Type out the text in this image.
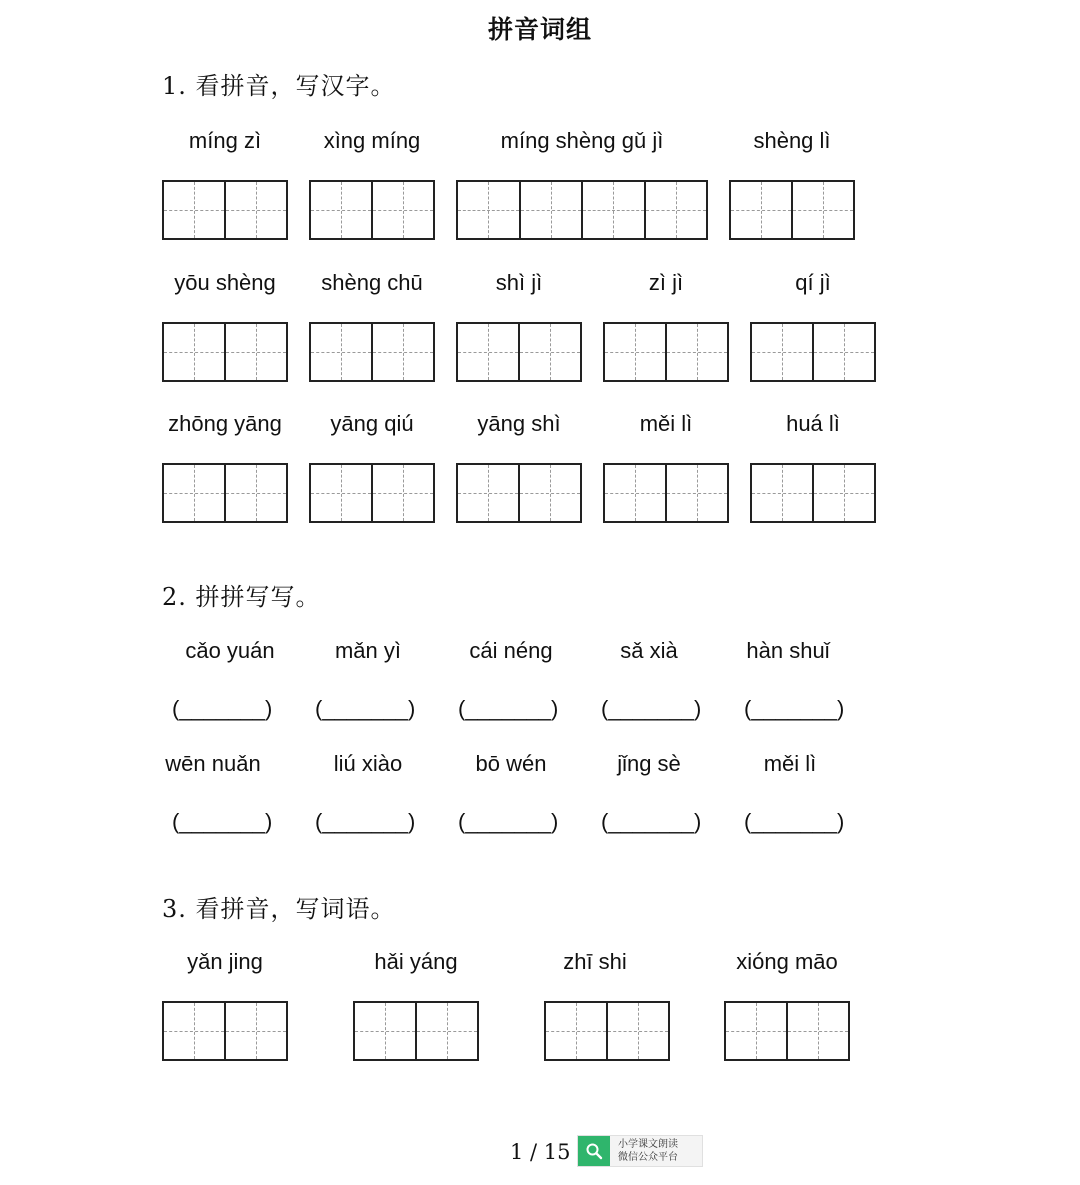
拼音词组
1. 看拼音，写汉字。
míng zì	xìng míng	míng shèng gǔ jì	shèng lì
yōu shèng	shèng chū	shì jì	zì jì	qí jì
zhōng yāng	yāng qiú	yāng shì	měi lì	huá lì
2. 拼拼写写。
cǎo yuán	mǎn yì	cái néng	sǎ xià	hàn shuǐ
(_______) (_______) (_______) (_______) (_______)
wēn nuǎn	liú xiào	bō wén	jǐng sè	měi lì
(_______) (_______) (_______) (_______) (_______)
3. 看拼音，写词语。
yǎn jing	hǎi yáng	zhī shi	xióng māo
1 / 15	小学课文朗读
微信公众平台
